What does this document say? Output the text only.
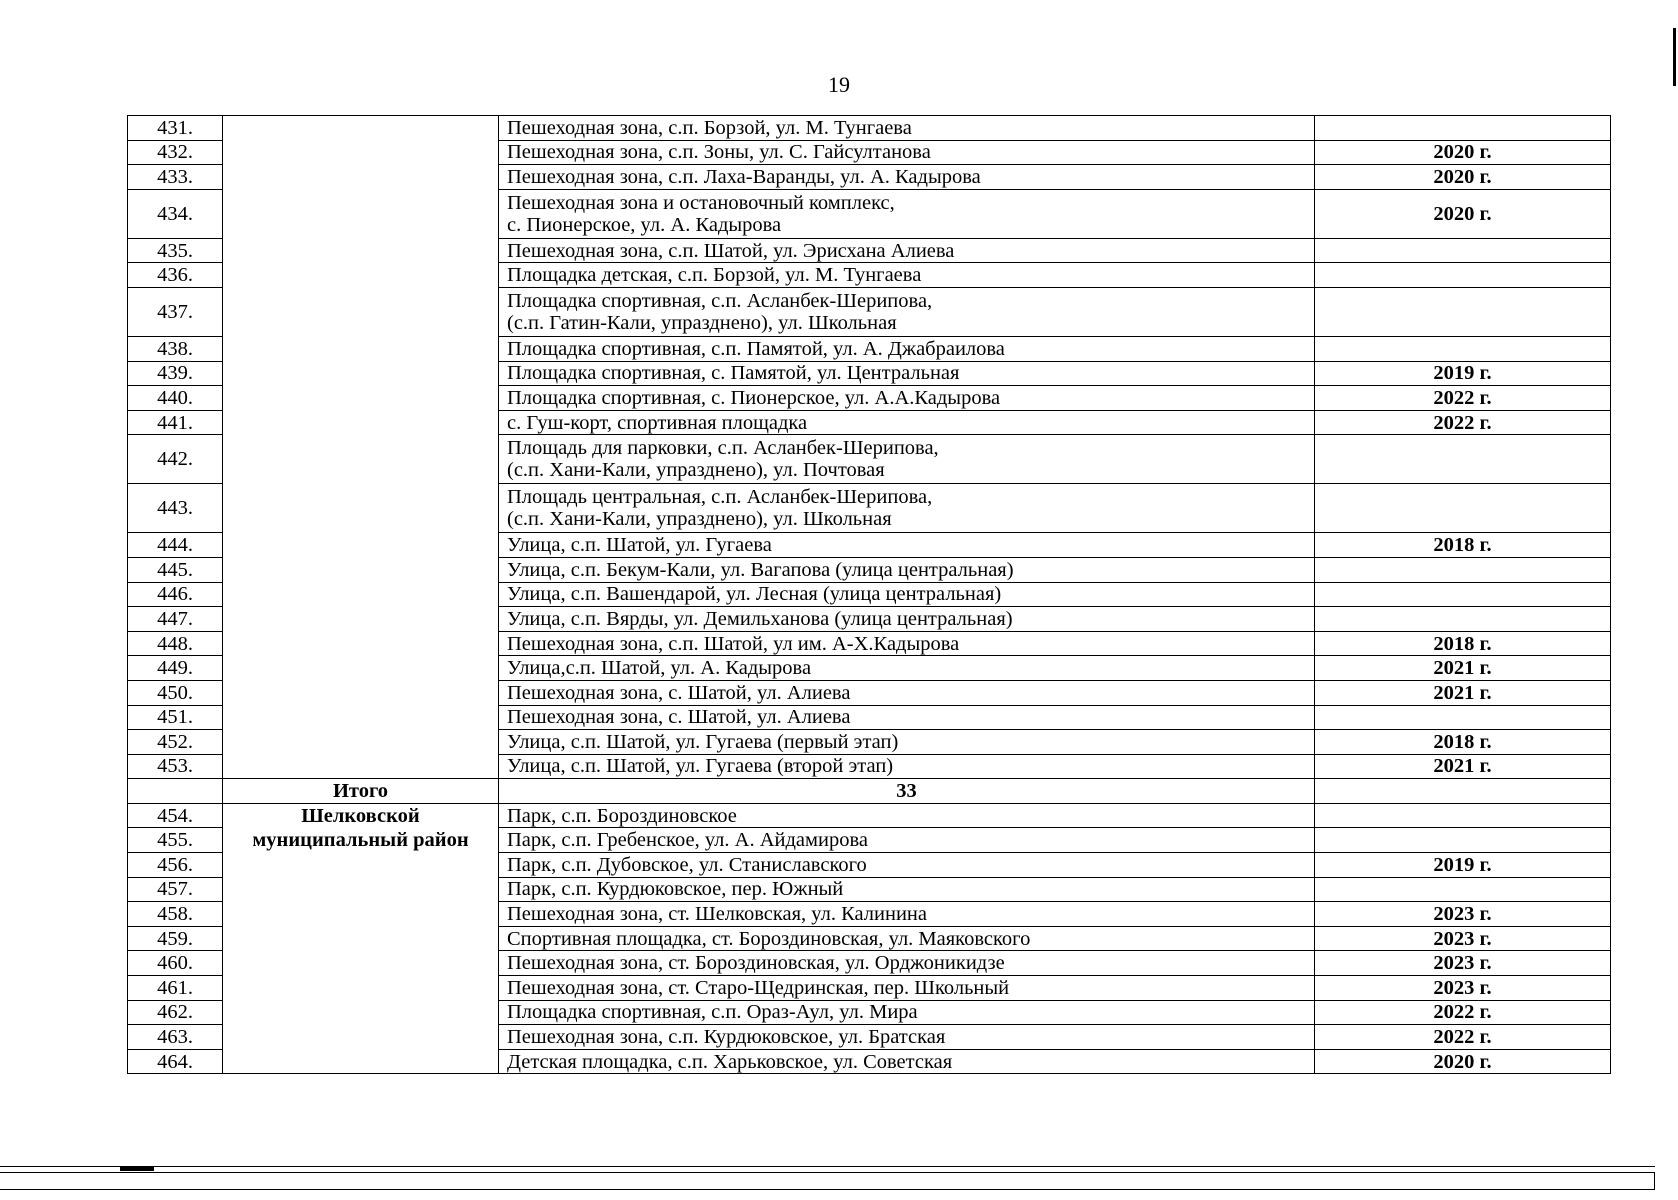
19
431.		Пешеходная зона, с.п. Борзой, ул. М. Тунгаева	

432.		Пешеходная зона, с.п. Зоны, ул. С. Гайсултанова	2020 г.
433.		Пешеходная зона, с.п. Лаха-Варанды, ул. А. Кадырова	2020 г.
434.		Пешеходная зона и остановочный комплекс,
с. Пионерское, ул. А. Кадырова	2020 г.
435.		Пешеходная зона, с.п. Шатой, ул. Эрисхана Алиева	

436.		Площадка детская, с.п. Борзой, ул. М. Тунгаева	

437.		Площадка спортивная, с.п. Асланбек-Шерипова,
(с.п. Гатин-Кали, упразднено), ул. Школьная	

438.		Площадка спортивная, с.п. Памятой, ул. А. Джабраилова	

439.		Площадка спортивная, с. Памятой, ул. Центральная	2019 г.
440.		Площадка спортивная, с. Пионерское, ул. А.А.Кадырова	2022 г.
441.		с. Гуш-корт, спортивная площадка	2022 г.
442.		Площадь для парковки, с.п. Асланбек-Шерипова,
(с.п. Хани-Кали, упразднено), ул. Почтовая	

443.		Площадь центральная, с.п. Асланбек-Шерипова,
(с.п. Хани-Кали, упразднено), ул. Школьная	

444.		Улица, с.п. Шатой, ул. Гугаева	2018 г.
445.		Улица, с.п. Бекум-Кали, ул. Вагапова (улица центральная)	

446.		Улица, с.п. Вашендарой, ул. Лесная (улица центральная)	

447.		Улица, с.п. Вярды, ул. Демильханова (улица центральная)	

448.		Пешеходная зона, с.п. Шатой, ул им. А-Х.Кадырова	2018 г.
449.		Улица,с.п. Шатой, ул. А. Кадырова	2021 г.
450.		Пешеходная зона, с. Шатой, ул. Алиева	2021 г.
451.		Пешеходная зона, с. Шатой, ул. Алиева	

452.		Улица, с.п. Шатой, ул. Гугаева (первый этап)	2018 г.
453.		Улица, с.п. Шатой, ул. Гугаева (второй этап)	2021 г.
	Итого	33	
454.	Шелковской
муниципальный район	Парк, с.п. Бороздиновское	

455.		Парк, с.п. Гребенское, ул. А. Айдамирова	

456.		Парк, с.п. Дубовское, ул. Станиславского	2019 г.
457.		Парк, с.п. Курдюковское, пер. Южный	

458.		Пешеходная зона, ст. Шелковская, ул. Калинина	2023 г.
459.		Спортивная площадка, ст. Бороздиновская, ул. Маяковского	2023 г.
460.		Пешеходная зона, ст. Бороздиновская, ул. Орджоникидзе	2023 г.
461.		Пешеходная зона, ст. Старо-Щедринская, пер. Школьный	2023 г.
462.		Площадка спортивная, с.п. Ораз-Аул, ул. Мира	2022 г.
463.		Пешеходная зона, с.п. Курдюковское, ул. Братская	2022 г.
464.		Детская площадка, с.п. Харьковское, ул. Советская	2020 г.
